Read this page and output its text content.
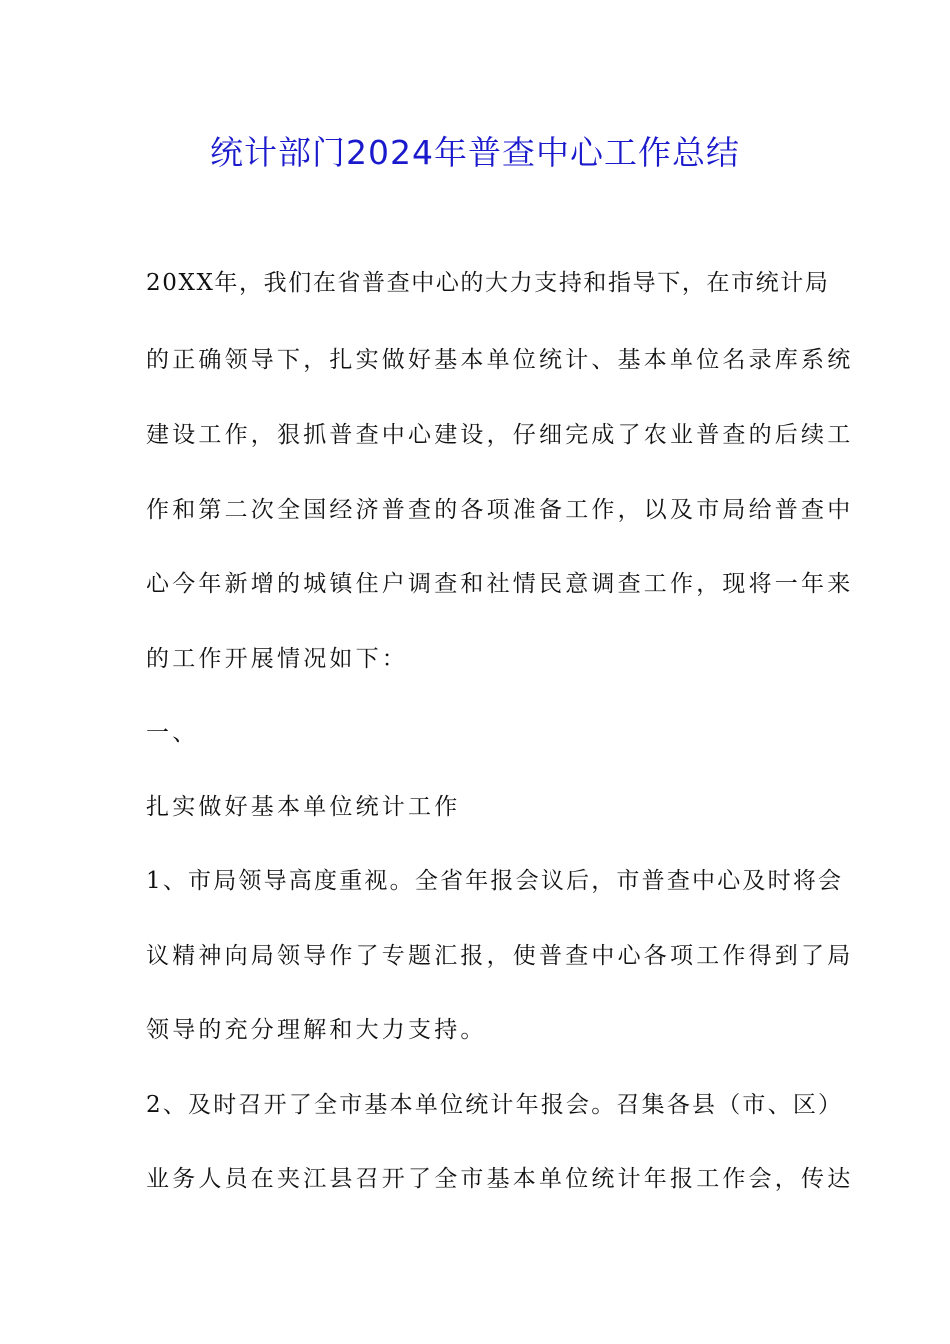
统计部门2024年普查中心工作总结

20XX年，我们在省普查中心的大力支持和指导下，在市统计局

的正确领导下，扎实做好基本单位统计、基本单位名录库系统

建设工作，狠抓普查中心建设，仔细完成了农业普查的后续工

作和第二次全国经济普查的各项准备工作，以及市局给普查中

心今年新增的城镇住户调查和社情民意调查工作，现将一年来

的工作开展情况如下：

一、

扎实做好基本单位统计工作

1、市局领导高度重视。全省年报会议后，市普查中心及时将会

议精神向局领导作了专题汇报，使普查中心各项工作得到了局

领导的充分理解和大力支持。

2、及时召开了全市基本单位统计年报会。召集各县（市、区）

业务人员在夹江县召开了全市基本单位统计年报工作会，传达
